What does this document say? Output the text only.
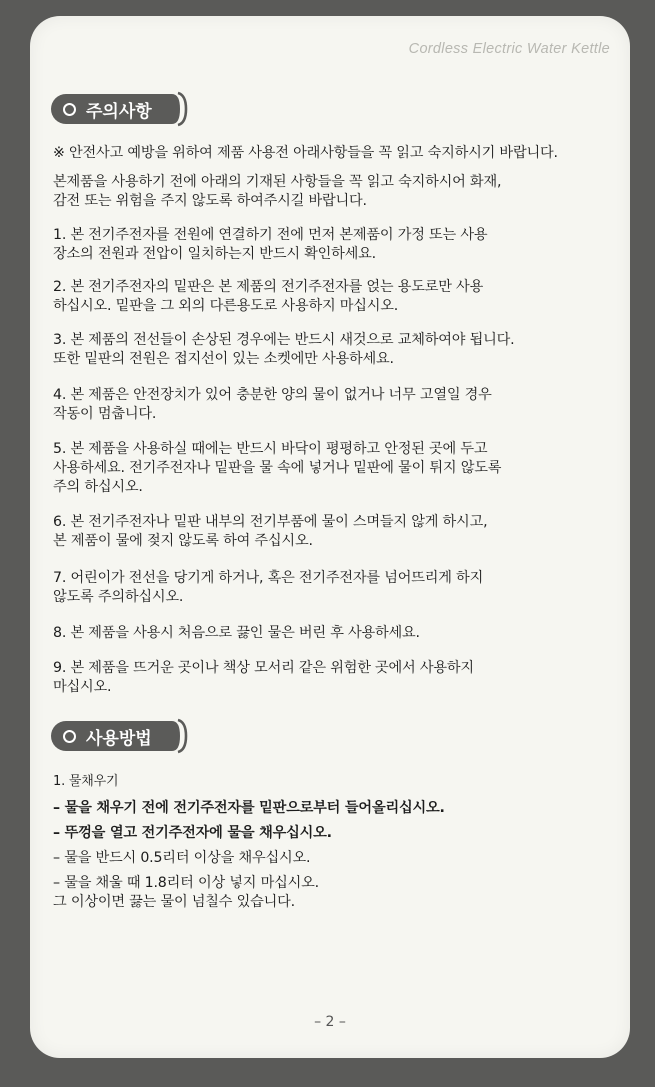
Cordless Electric Water Kettle
주의사항
※ 안전사고 예방을 위하여 제품 사용전 아래사항들을 꼭 읽고 숙지하시기 바랍니다.
본제품을 사용하기 전에 아래의 기재된 사항들을 꼭 읽고 숙지하시어 화재,
감전 또는 위험을 주지 않도록 하여주시길 바랍니다.
1. 본 전기주전자를 전원에 연결하기 전에 먼저 본제품이 가정 또는 사용
장소의 전원과 전압이 일치하는지 반드시 확인하세요.
2. 본 전기주전자의 밑판은 본 제품의 전기주전자를 얹는 용도로만 사용
하십시오. 밑판을 그 외의 다른용도로 사용하지 마십시오.
3. 본 제품의 전선들이 손상된 경우에는 반드시 새것으로 교체하여야 됩니다.
또한 밑판의 전원은 접지선이 있는 소켓에만 사용하세요.
4. 본 제품은 안전장치가 있어 충분한 양의 물이 없거나 너무 고열일 경우
작동이 멈춥니다.
5. 본 제품을 사용하실 때에는 반드시 바닥이 평평하고 안정된 곳에 두고
사용하세요. 전기주전자나 밑판을 물 속에 넣거나 밑판에 물이 튀지 않도록
주의 하십시오.
6. 본 전기주전자나 밑판 내부의 전기부품에 물이 스며들지 않게 하시고,
본 제품이 물에 젖지 않도록 하여 주십시오.
7. 어린이가 전선을 당기게 하거나, 혹은 전기주전자를 넘어뜨리게 하지
않도록 주의하십시오.
8. 본 제품을 사용시 처음으로 끓인 물은 버린 후 사용하세요.
9. 본 제품을 뜨거운 곳이나 책상 모서리 같은 위험한 곳에서 사용하지
마십시오.
사용방법
1. 물채우기
– 물을 채우기 전에 전기주전자를 밑판으로부터 들어올리십시오.
– 뚜껑을 열고 전기주전자에 물을 채우십시오.
– 물을 반드시 0.5리터 이상을 채우십시오.
– 물을 채울 때 1.8리터 이상 넣지 마십시오.
그 이상이면 끓는 물이 넘칠수 있습니다.
– 2 –
